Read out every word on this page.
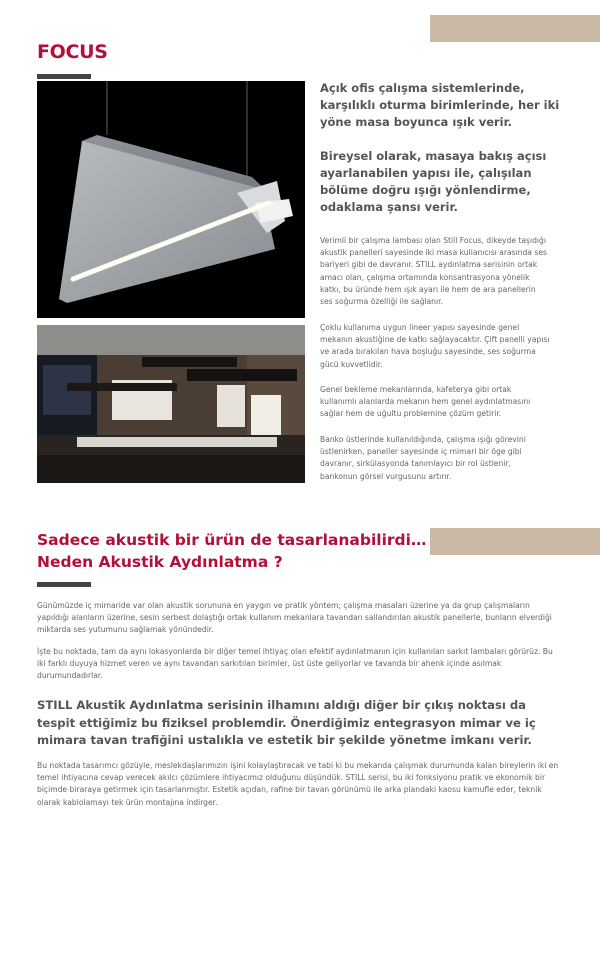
FOCUS

Açık ofis çalışma sistemlerinde, karşılıklı oturma birimlerinde, her iki yöne masa boyunca ışık verir.

Bireysel olarak, masaya bakış açısı ayarlanabilen yapısı ile, çalışılan bölüme doğru ışığı yönlendirme, odaklama şansı verir.

Verimli bir çalışma lambası olan Still Focus, dikeyde taşıdığı akustik panelleri sayesinde iki masa kullanıcısı arasında ses bariyeri gibi de davranır. STILL aydınlatma serisinin ortak amacı olan, çalışma ortamında konsantrasyona yönelik katkı, bu üründe hem ışık ayarı ile hem de ara panellerin ses soğurma özelliği ile sağlanır.

Çoklu kullanıma uygun lineer yapısı sayesinde genel mekanın akustiğine de katkı sağlayacaktır. Çift panelli yapısı ve arada bırakılan hava boşluğu sayesinde, ses soğurma gücü kuvvetlidir.

Genel bekleme mekanlarında, kafeterya gibi ortak kullanımlı alanlarda mekanın hem genel aydınlatmasını sağlar hem de uğultu problemine çözüm getirir.

Banko üstlerinde kullanıldığında, çalışma ışığı görevini üstlenirken, paneller sayesinde iç mimari bir öge gibi davranır, sirkülasyonda tanımlayıcı bir rol üstlenir, bankonun görsel vurgusunu artırır.

Sadece akustik bir ürün de tasarlanabilirdi…
Neden Akustik Aydınlatma ?

Günümüzde iç mimaride var olan akustik sorununa en yaygın ve pratik yöntem; çalışma masaları üzerine ya da grup çalışmaların yapıldığı alanların üzerine, sesin serbest dolaştığı ortak kullanım mekanlara tavandan sallandırılan akustik panellerle, bunların elverdiği miktarda ses yutumunu sağlamak yönündedir.

İşte bu noktada, tam da aynı lokasyonlarda bir diğer temel ihtiyaç olan efektif aydınlatmanın için kullanılan sarkıt lambaları görürüz. Bu iki farklı duyuya hizmet veren ve aynı tavandan sarkıtılan birimler, üst üste geliyorlar ve tavanda bir ahenk içinde asılmak durumundadırlar.

STILL Akustik Aydınlatma serisinin ilhamını aldığı diğer bir çıkış noktası da tespit ettiğimiz bu fiziksel problemdir. Önerdiğimiz entegrasyon mimar ve iç mimara tavan trafiğini ustalıkla ve estetik bir şekilde yönetme imkanı verir.

Bu noktada tasarımcı gözüyle, meslekdaşlarımızın işini kolaylaştıracak ve tabi ki bu mekanda çalışmak durumunda kalan bireylerin iki en temel ihtiyacına cevap verecek akılcı çözümlere ihtiyacımız olduğunu düşündük. STILL serisi, bu iki fonksiyonu pratik ve ekonomik bir biçimde biraraya getirmek için tasarlanmıştır. Estetik açıdan, rafine bir tavan görünümü ile arka plandaki kaosu kamufle eder, teknik olarak kablolamayı tek ürün montajına indirger.
